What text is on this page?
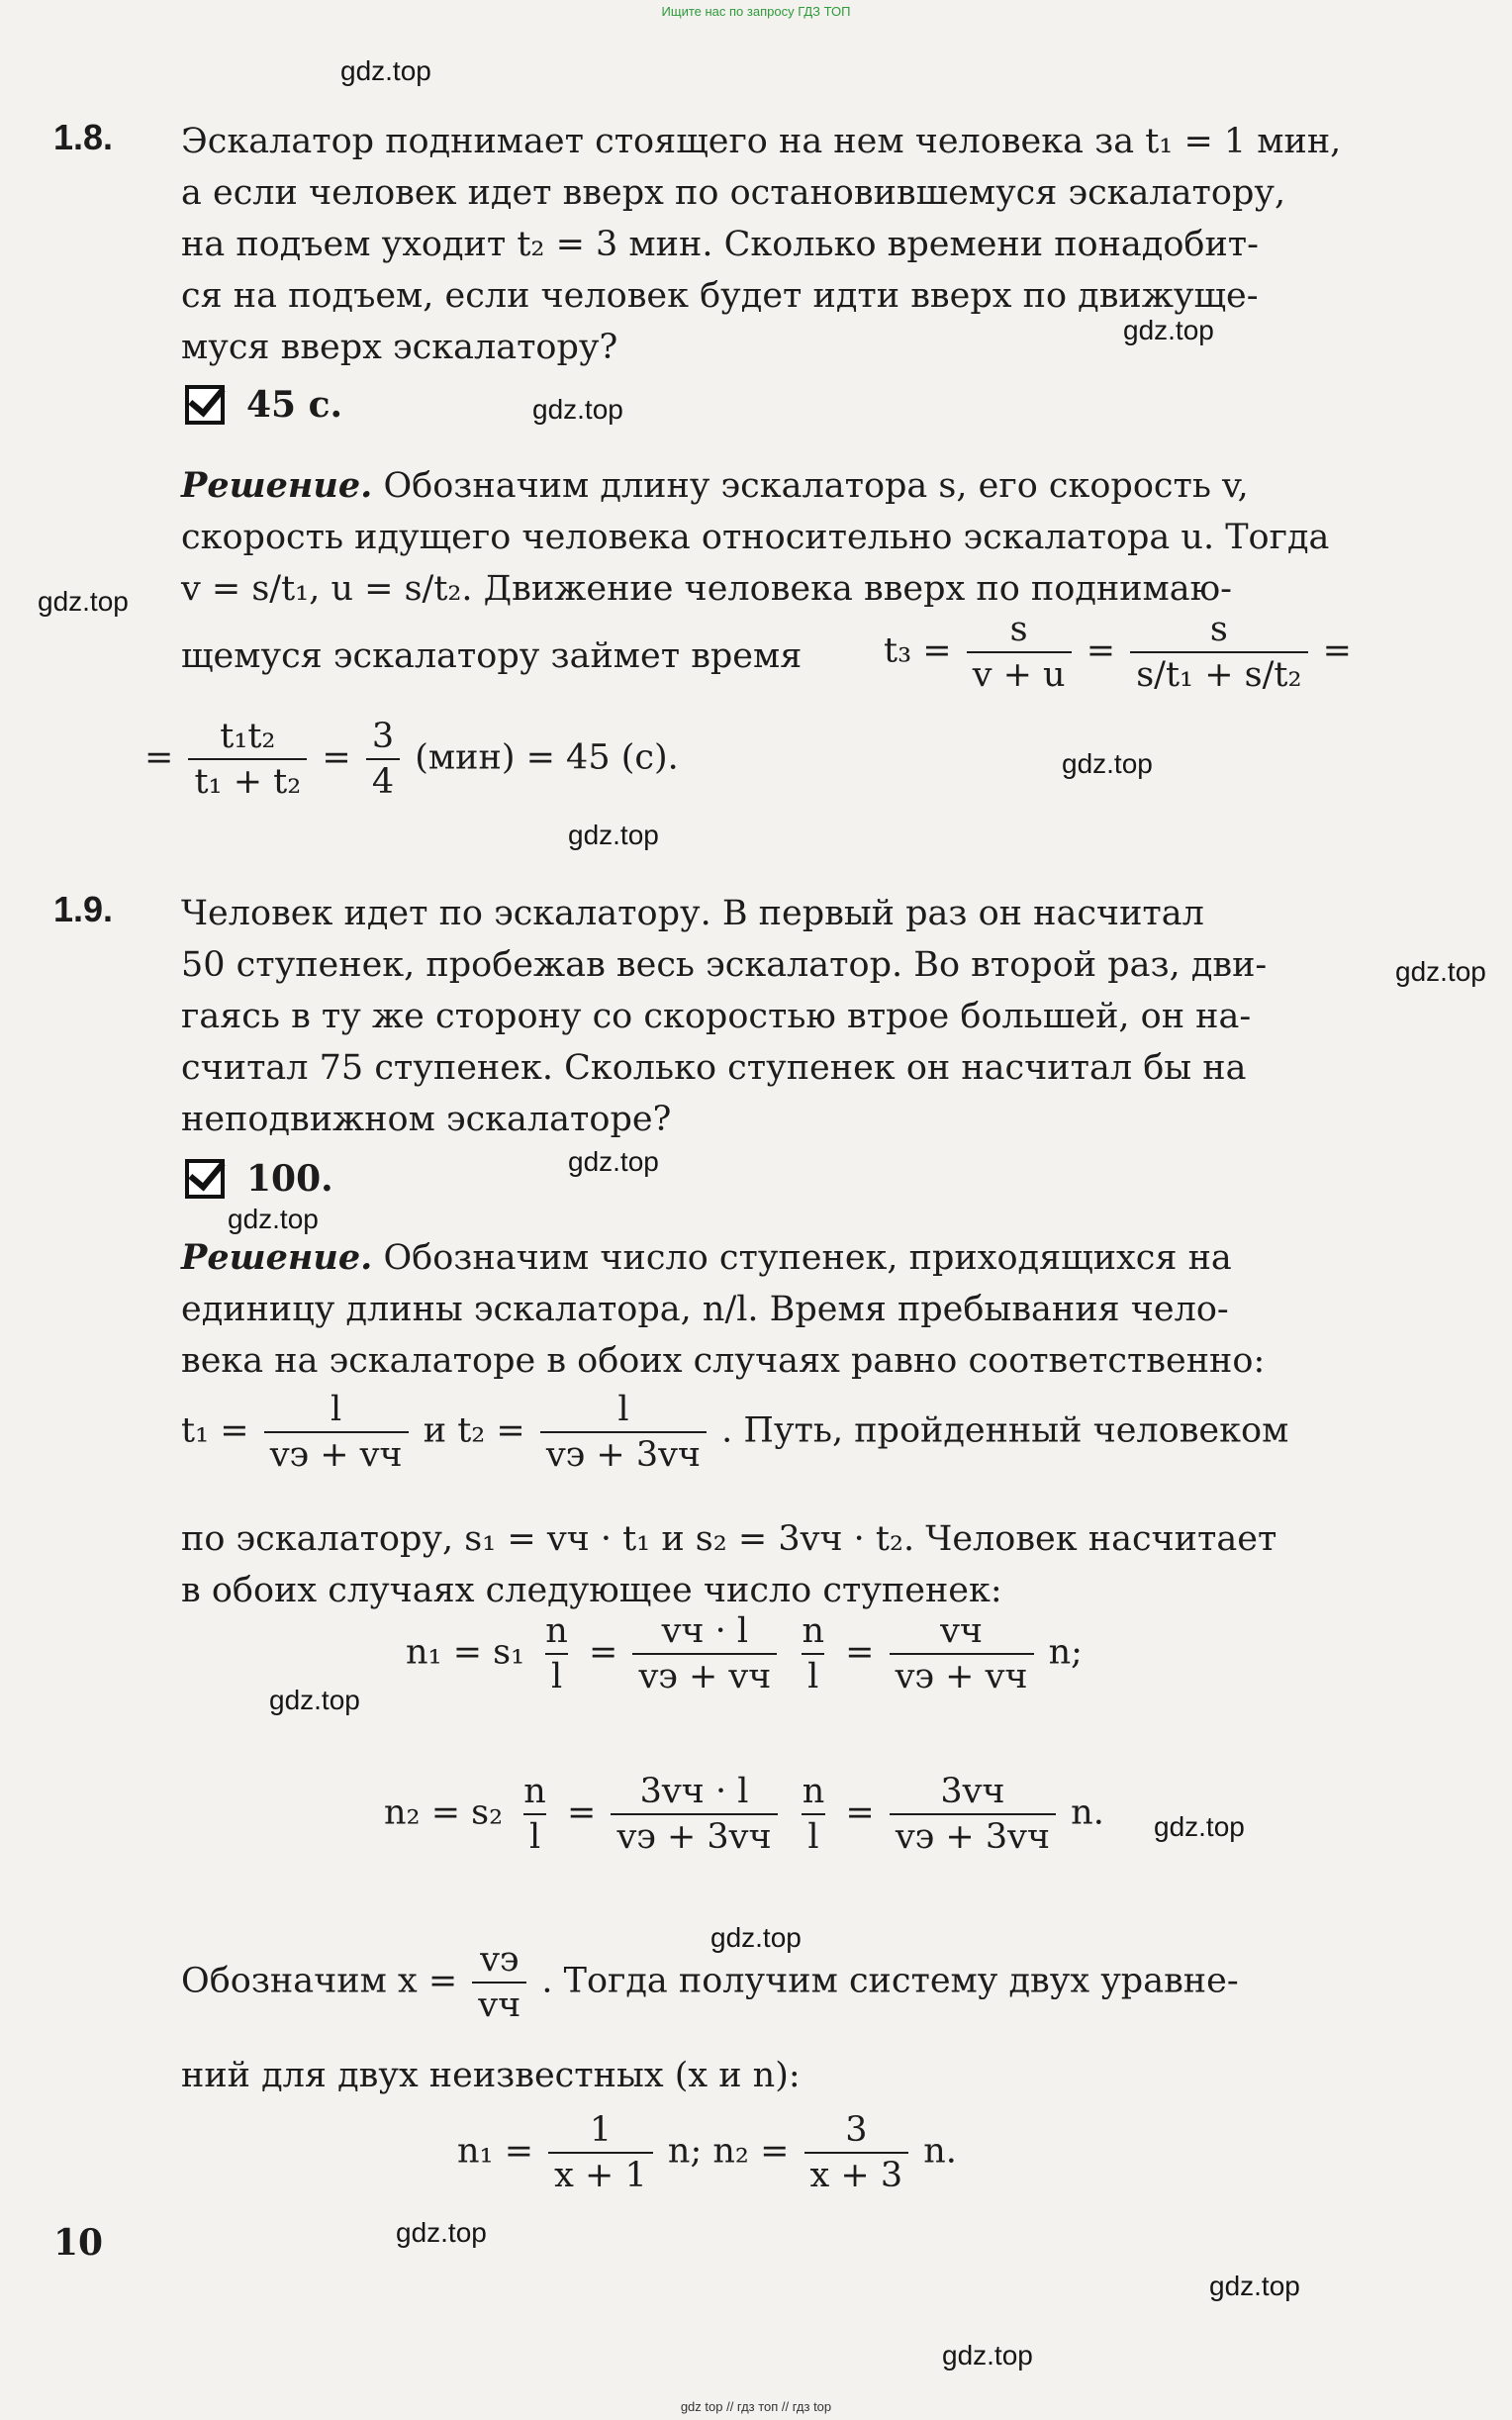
Ищите нас по запросу ГДЗ ТОП
gdz.top
gdz.top
gdz.top
gdz.top
gdz.top
gdz.top
gdz.top
gdz.top
gdz.top
gdz.top
gdz.top
gdz.top
gdz.top
gdz.top
gdz.top
1.8. Эскалатор поднимает стоящего на нем человека за t₁ = 1 мин,
а если человек идет вверх по остановившемуся эскалатору,
на подъем уходит t₂ = 3 мин. Сколько времени понадобит-
ся на подъем, если человек будет идти вверх по движуще-
муся вверх эскалатору?
45 с.
Решение. Обозначим длину эскалатора s, его скорость v,
скорость идущего человека относительно эскалатора u. Тогда
v = s/t₁, u = s/t₂. Движение человека вверх по поднимаю-
щемуся эскалатору займет время $t_3 = \frac{s}{v + u} = \frac{s}{\text{s/t₁ + s/t₂}}$ =
= $\frac{\text{t₁t₂}}{\text{t₁ + t₂}} = \frac{3}{4} (мин) = 45$ (с).
1.9. Человек идет по эскалатору. В первый раз он насчитал
50 ступенек, пробежав весь эскалатор. Во второй раз, дви-
гаясь в ту же сторону со скоростью втрое большей, он на-
считал 75 ступенек. Сколько ступенек он насчитал бы на
неподвижном эскалаторе?
100.
Решение. Обозначим число ступенек, приходящихся на
единицу длины эскалатора, n/l. Время пребывания чело-
века на эскалаторе в обоих случаях равно соответственно:
$t_1 = \frac{l}{vэ + vч}$ и $t_2 = \frac{l}{vэ + 3vч}$ . Путь, пройденный человеком
по эскалатору, s₁ = vч · t₁ и s₂ = 3vч · t₂. Человек насчитает
в обоих случаях следующее число ступенек:
$n_1 = s_1 \frac{n}{l} = \frac{vч \cdot l}{vэ + vч}$
$\frac{n}{l} = \frac{vч}{vэ + vч} n$;
$n_2 = s_2 \frac{n}{l} = \frac{3vч \cdot l}{vэ + 3vч}$
$\frac{n}{l} = \frac{3vч}{vэ + 3vч} n$.
Обозначим $x = \frac{vэ}{vч}$ . Тогда получим систему двух уравне-
ний для двух неизвестных (x и n):
$n_1 = \frac{1}{x + 1} n$; $n_2 = \frac{3}{x + 3} n$.
10
gdz top // гдз топ // гдз top
